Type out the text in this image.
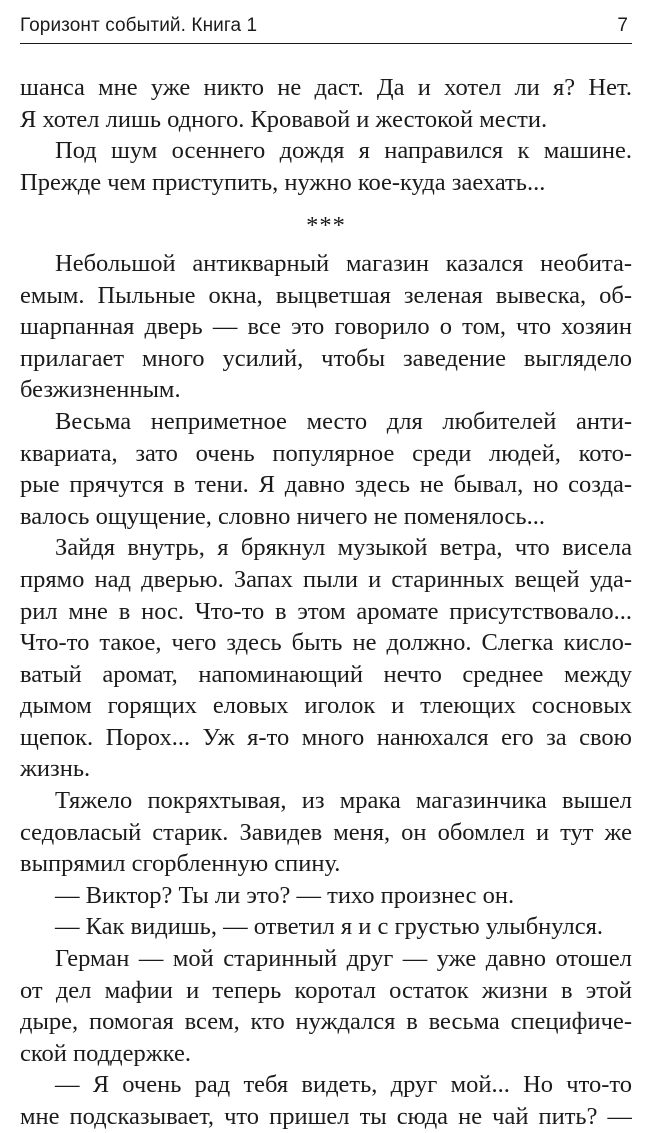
Горизонт событий. Книга 1	7
шанса мне уже никто не даст. Да и хотел ли я? Нет.
Я хотел лишь одного. Кровавой и жестокой мести.
Под шум осеннего дождя я направился к машине.
Прежде чем приступить, нужно кое-куда заехать...
***
Небольшой антикварный магазин казался необита-
емым. Пыльные окна, выцветшая зеленая вывеска, об-
шарпанная дверь — все это говорило о том, что хозяин
прилагает много усилий, чтобы заведение выглядело
безжизненным.
Весьма неприметное место для любителей анти-
квариата, зато очень популярное среди людей, кото-
рые прячутся в тени. Я давно здесь не бывал, но созда-
валось ощущение, словно ничего не поменялось...
Зайдя внутрь, я брякнул музыкой ветра, что висела
прямо над дверью. Запах пыли и старинных вещей уда-
рил мне в нос. Что-то в этом аромате присутствовало...
Что-то такое, чего здесь быть не должно. Слегка кисло-
ватый аромат, напоминающий нечто среднее между
дымом горящих еловых иголок и тлеющих сосновых
щепок. Порох... Уж я-то много нанюхался его за свою
жизнь.
Тяжело покряхтывая, из мрака магазинчика вышел
седовласый старик. Завидев меня, он обомлел и тут же
выпрямил сгорбленную спину.
— Виктор? Ты ли это? — тихо произнес он.
— Как видишь, — ответил я и с грустью улыбнулся.
Герман — мой старинный друг — уже давно отошел
от дел мафии и теперь коротал остаток жизни в этой
дыре, помогая всем, кто нуждался в весьма специфиче-
ской поддержке.
— Я очень рад тебя видеть, друг мой... Но что-то
мне подсказывает, что пришел ты сюда не чай пить? —
